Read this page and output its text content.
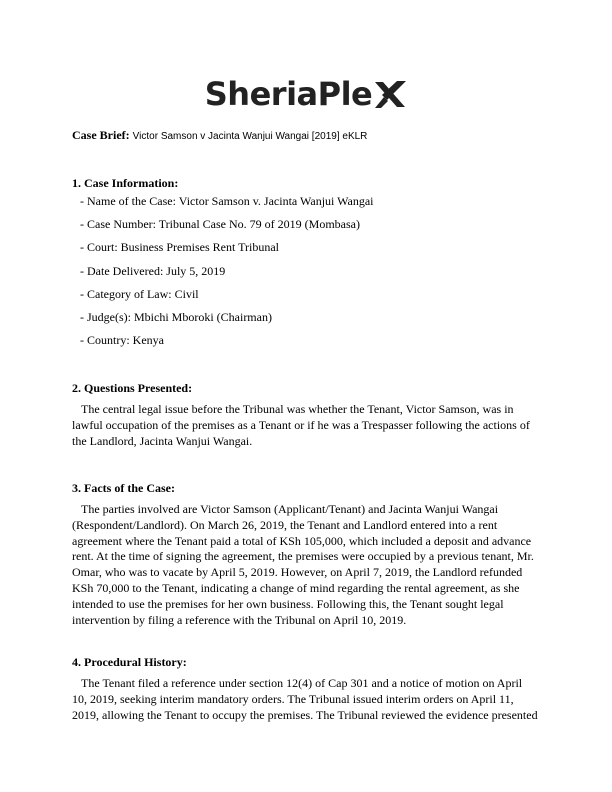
SheriaPle
Case Brief: Victor Samson v Jacinta Wanjui Wangai [2019] eKLR
1. Case Information:
- Name of the Case: Victor Samson v. Jacinta Wanjui Wangai
- Case Number: Tribunal Case No. 79 of 2019 (Mombasa)
- Court: Business Premises Rent Tribunal
- Date Delivered: July 5, 2019
- Category of Law: Civil
- Judge(s): Mbichi Mboroki (Chairman)
- Country: Kenya
2. Questions Presented:

The central legal issue before the Tribunal was whether the Tenant, Victor Samson, was in lawful occupation of the premises as a Tenant or if he was a Trespasser following the actions of the Landlord, Jacinta Wanjui Wangai.

3. Facts of the Case:

The parties involved are Victor Samson (Applicant/Tenant) and Jacinta Wanjui Wangai (Respondent/Landlord). On March 26, 2019, the Tenant and Landlord entered into a rent agreement where the Tenant paid a total of KSh 105,000, which included a deposit and advance rent. At the time of signing the agreement, the premises were occupied by a previous tenant, Mr. Omar, who was to vacate by April 5, 2019. However, on April 7, 2019, the Landlord refunded KSh 70,000 to the Tenant, indicating a change of mind regarding the rental agreement, as she intended to use the premises for her own business. Following this, the Tenant sought legal intervention by filing a reference with the Tribunal on April 10, 2019.

4. Procedural History:

The Tenant filed a reference under section 12(4) of Cap 301 and a notice of motion on April 10, 2019, seeking interim mandatory orders. The Tribunal issued interim orders on April 11, 2019, allowing the Tenant to occupy the premises. The Tribunal reviewed the evidence presented
